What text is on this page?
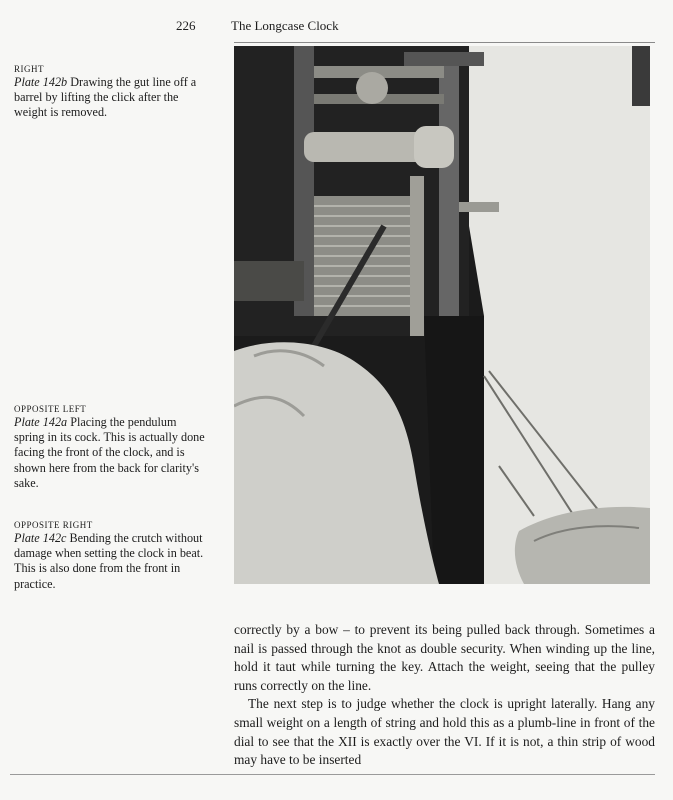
226	The Longcase Clock
RIGHT
Plate 142b Drawing the gut line off a barrel by lifting the click after the weight is removed.
OPPOSITE LEFT
Plate 142a Placing the pendulum spring in its cock. This is actually done facing the front of the clock, and is shown here from the back for clarity's sake.
OPPOSITE RIGHT
Plate 142c Bending the crutch without damage when setting the clock in beat. This is also done from the front in practice.

correctly by a bow – to prevent its being pulled back through. Sometimes a nail is passed through the knot as double security. When winding up the line, hold it taut while turning the key. Attach the weight, seeing that the pulley runs correctly on the line.

The next step is to judge whether the clock is upright laterally. Hang any small weight on a length of string and hold this as a plumb-line in front of the dial to see that the XII is exactly over the VI. If it is not, a thin strip of wood may have to be inserted
